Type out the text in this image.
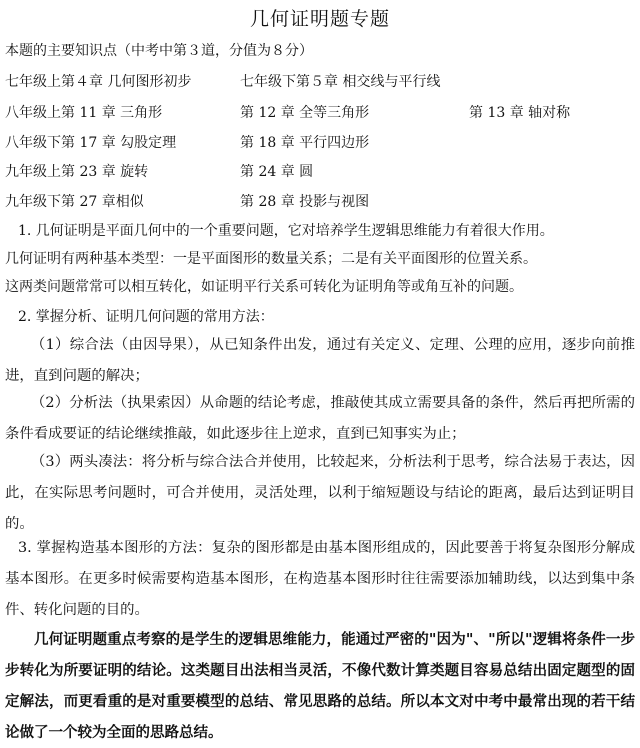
几何证明题专题
本题的主要知识点（中考中第３道，分值为８分）
七年级上第４章 几何图形初步	七年级下第５章 相交线与平行线
八年级上第 11 章 三角形	第 12 章 全等三角形	第 13 章 轴对称
八年级下第 17 章 勾股定理	第 18 章 平行四边形
九年级上第 23 章 旋转	第 24 章 圆
九年级下第 27 章相似	第 28 章 投影与视图
1. 几何证明是平面几何中的一个重要问题，它对培养学生逻辑思维能力有着很大作用。
几何证明有两种基本类型：一是平面图形的数量关系；二是有关平面图形的位置关系。
这两类问题常常可以相互转化，如证明平行关系可转化为证明角等或角互补的问题。
2. 掌握分析、证明几何问题的常用方法：
（1）综合法（由因导果），从已知条件出发，通过有关定义、定理、公理的应用，逐步向前推进，直到问题的解决；
（2）分析法（执果索因）从命题的结论考虑，推敲使其成立需要具备的条件，然后再把所需的条件看成要证的结论继续推敲，如此逐步往上逆求，直到已知事实为止；
（3）两头凑法：将分析与综合法合并使用，比较起来，分析法利于思考，综合法易于表达，因此，在实际思考问题时，可合并使用，灵活处理，以利于缩短题设与结论的距离，最后达到证明目的。
3. 掌握构造基本图形的方法：复杂的图形都是由基本图形组成的，因此要善于将复杂图形分解成基本图形。在更多时候需要构造基本图形，在构造基本图形时往往需要添加辅助线，以达到集中条件、转化问题的目的。
几何证明题重点考察的是学生的逻辑思维能力，能通过严密的"因为"、"所以"逻辑将条件一步步转化为所要证明的结论。这类题目出法相当灵活，不像代数计算类题目容易总结出固定题型的固定解法，而更看重的是对重要模型的总结、常见思路的总结。所以本文对中考中最常出现的若干结论做了一个较为全面的思路总结。
